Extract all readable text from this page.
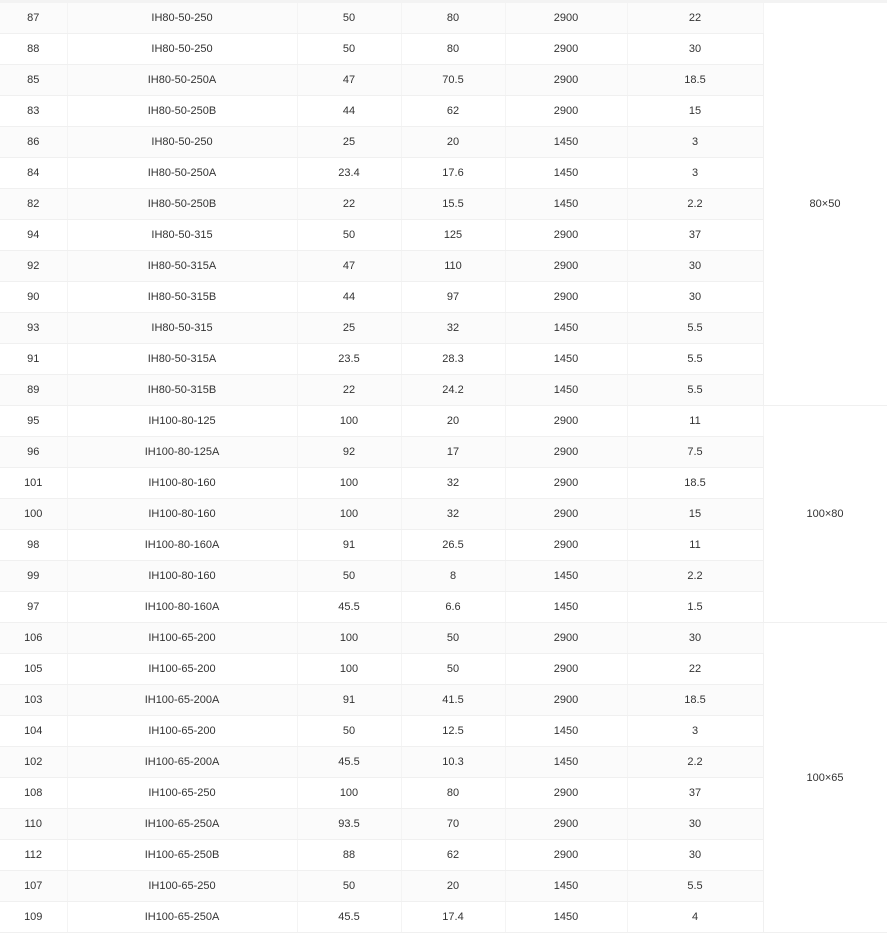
87	IH80-50-250	50	80	2900	22	80×50
88	IH80-50-250	50	80	2900	30	
85	IH80-50-250A	47	70.5	2900	18.5	
83	IH80-50-250B	44	62	2900	15	
86	IH80-50-250	25	20	1450	3	
84	IH80-50-250A	23.4	17.6	1450	3	
82	IH80-50-250B	22	15.5	1450	2.2	
94	IH80-50-315	50	125	2900	37	
92	IH80-50-315A	47	110	2900	30	
90	IH80-50-315B	44	97	2900	30	
93	IH80-50-315	25	32	1450	5.5	
91	IH80-50-315A	23.5	28.3	1450	5.5	
89	IH80-50-315B	22	24.2	1450	5.5	
95	IH100-80-125	100	20	2900	11	100×80
96	IH100-80-125A	92	17	2900	7.5	
101	IH100-80-160	100	32	2900	18.5	
100	IH100-80-160	100	32	2900	15	
98	IH100-80-160A	91	26.5	2900	11	
99	IH100-80-160	50	8	1450	2.2	
97	IH100-80-160A	45.5	6.6	1450	1.5	
106	IH100-65-200	100	50	2900	30	100×65
105	IH100-65-200	100	50	2900	22	
103	IH100-65-200A	91	41.5	2900	18.5	
104	IH100-65-200	50	12.5	1450	3	
102	IH100-65-200A	45.5	10.3	1450	2.2	
108	IH100-65-250	100	80	2900	37	
110	IH100-65-250A	93.5	70	2900	30	
112	IH100-65-250B	88	62	2900	30	
107	IH100-65-250	50	20	1450	5.5	
109	IH100-65-250A	45.5	17.4	1450	4	
